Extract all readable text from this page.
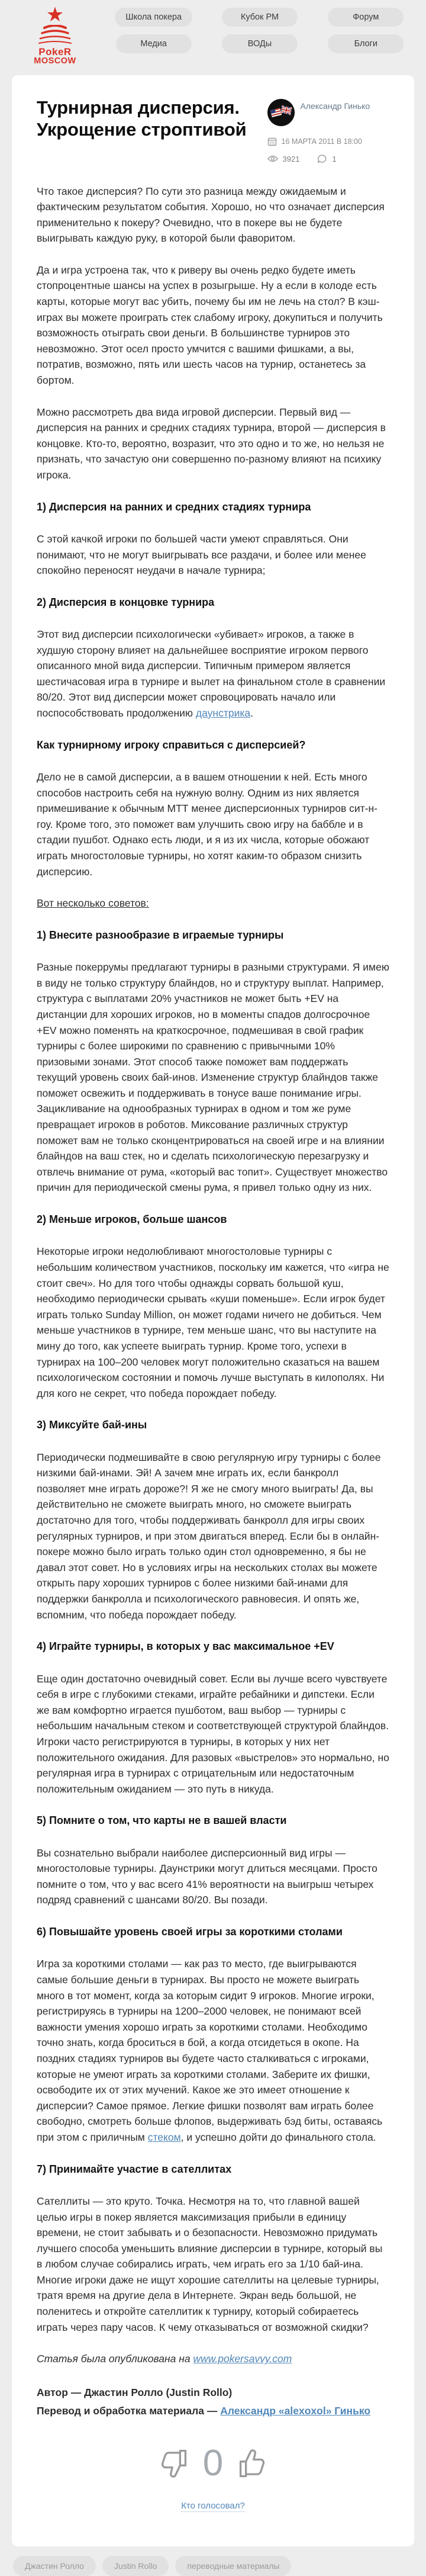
★
PokeR
MOSCOW
Школа покера	Кубок РМ	Форум
Медиа	ВОДы	Блоги
Турнирная дисперсия. Укрощение строптивой
Александр Гинько
16 МАРТА 2011 В 18:00
3921	1

Что такое дисперсия? По сути это разница между ожидаемым и фактическим результатом события. Хорошо, но что означает дисперсия применительно к покеру? Очевидно, что в покере вы не будете выигрывать каждую руку, в которой были фаворитом.

Да и игра устроена так, что к риверу вы очень редко будете иметь стопроцентные шансы на успех в розыгрыше. Ну а если в колоде есть карты, которые могут вас убить, почему бы им не лечь на стол? В кэш-играх вы можете проиграть стек слабому игроку, докупиться и получить возможность отыграть свои деньги. В большинстве турниров это невозможно. Этот осел просто умчится с вашими фишками, а вы, потратив, возможно, пять или шесть часов на турнир, останетесь за бортом.

Можно рассмотреть два вида игровой дисперсии. Первый вид — дисперсия на ранних и средних стадиях турнира, второй — дисперсия в концовке. Кто-то, вероятно, возразит, что это одно и то же, но нельзя не признать, что зачастую они совершенно по-разному влияют на психику игрока.

1) Дисперсия на ранних и средних стадиях турнира

С этой качкой игроки по большей части умеют справляться. Они понимают, что не могут выигрывать все раздачи, и более или менее спокойно переносят неудачи в начале турнира;

2) Дисперсия в концовке турнира

Этот вид дисперсии психологически «убивает» игроков, а также в худшую сторону влияет на дальнейшее восприятие игроком первого описанного мной вида дисперсии. Типичным примером является шестичасовая игра в турнире и вылет на финальном столе в сравнении 80/20. Этот вид дисперсии может спровоцировать начало или поспособствовать продолжению даунстрика.

Как турнирному игроку справиться с дисперсией?

Дело не в самой дисперсии, а в вашем отношении к ней. Есть много способов настроить себя на нужную волну. Одним из них является примешивание к обычным МТТ менее дисперсионных турниров сит-н-гоу. Кроме того, это поможет вам улучшить свою игру на баббле и в стадии пушбот. Однако есть люди, и я из их числа, которые обожают играть многостоловые турниры, но хотят каким-то образом снизить дисперсию.

Вот несколько советов:

1) Внесите разнообразие в играемые турниры

Разные покеррумы предлагают турниры в разными структурами. Я имею в виду не только структуру блайндов, но и структуру выплат. Например, структура с выплатами 20% участников не может быть +EV на дистанции для хороших игроков, но в моменты спадов долгосрочное +EV можно поменять на краткосрочное, подмешивая в свой график турниры с более широкими по сравнению с привычными 10% призовыми зонами. Этот способ также поможет вам поддержать текущий уровень своих бай-инов. Изменение структур блайндов также поможет освежить и поддерживать в тонусе ваше понимание игры. Зацикливание на однообразных турнирах в одном и том же руме превращает игроков в роботов. Миксование различных структур поможет вам не только сконцентрироваться на своей игре и на влиянии блайндов на ваш стек, но и сделать психологическую перезагрузку и отвлечь внимание от рума, «который вас топит». Существует множество причин для периодической смены рума, я привел только одну из них.

2) Меньше игроков, больше шансов

Некоторые игроки недолюбливают многостоловые турниры с небольшим количеством участников, поскольку им кажется, что «игра не стоит свеч». Но для того чтобы однажды сорвать большой куш, необходимо периодически срывать «куши поменьше». Если игрок будет играть только Sunday Million, он может годами ничего не добиться. Чем меньше участников в турнире, тем меньше шанс, что вы наступите на мину до того, как успеете выиграть турнир. Кроме того, успехи в турнирах на 100–200 человек могут положительно сказаться на вашем психологическом состоянии и помочь лучше выступать в килополях. Ни для кого не секрет, что победа порождает победу.

3) Миксуйте бай-ины

Периодически подмешивайте в свою регулярную игру турниры с более низкими бай-инами. Эй! А зачем мне играть их, если банкролл позволяет мне играть дороже?! Я же не смогу много выиграть! Да, вы действительно не сможете выиграть много, но сможете выиграть достаточно для того, чтобы поддерживать банкролл для игры своих регулярных турниров, и при этом двигаться вперед. Если бы в онлайн-покере можно было играть только один стол одновременно, я бы не давал этот совет. Но в условиях игры на нескольких столах вы можете открыть пару хороших турниров с более низкими бай-инами для поддержки банкролла и психологического равновесия. И опять же, вспомним, что победа порождает победу.

4) Играйте турниры, в которых у вас максимальное +EV

Еще один достаточно очевидный совет. Если вы лучше всего чувствуете себя в игре с глубокими стеками, играйте ребайники и дипстеки. Если же вам комфортно играется пушботом, ваш выбор — турниры с небольшим начальным стеком и соответствующей структурой блайндов. Игроки часто регистрируются в турниры, в которых у них нет положительного ожидания. Для разовых «выстрелов» это нормально, но регулярная игра в турнирах с отрицательным или недостаточным положительным ожиданием — это путь в никуда.

5) Помните о том, что карты не в вашей власти

Вы сознательно выбрали наиболее дисперсионный вид игры — многостоловые турниры. Даунстрики могут длиться месяцами. Просто помните о том, что у вас всего 41% вероятности на выигрыш четырех подряд сравнений с шансами 80/20. Вы позади.

6) Повышайте уровень своей игры за короткими столами

Игра за короткими столами — как раз то место, где выигрываются самые большие деньги в турнирах. Вы просто не можете выиграть много в тот момент, когда за которым сидит 9 игроков. Многие игроки, регистрируясь в турниры на 1200–2000 человек, не понимают всей важности умения хорошо играть за короткими столами. Необходимо точно знать, когда броситься в бой, а когда отсидеться в окопе. На поздних стадиях турниров вы будете часто сталкиваться с игроками, которые не умеют играть за короткими столами. Заберите их фишки, освободите их от этих мучений. Какое же это имеет отношение к дисперсии? Самое прямое. Легкие фишки позволят вам играть более свободно, смотреть больше флопов, выдерживать бэд биты, оставаясь при этом с приличным стеком, и успешно дойти до финального стола.

7) Принимайте участие в сателлитах

Сателлиты — это круто. Точка. Несмотря на то, что главной вашей целью игры в покер является максимизация прибыли в единицу времени, не стоит забывать и о безопасности. Невозможно придумать лучшего способа уменьшить влияние дисперсии в турнире, который вы в любом случае собирались играть, чем играть его за 1/10 бай-ина. Многие игроки даже не ищут хорошие сателлиты на целевые турниры, тратя время на другие дела в Интернете. Экран ведь большой, не поленитесь и откройте сателлитик к турниру, который собираетесь играть через пару часов. К чему отказываться от возможной скидки?

Статья была опубликована на www.pokersavvy.com

Автор — Джастин Ролло (Justin Rollo)

Перевод и обработка материала — Александр «alexoxol» Гинько

0
Кто голосовал?
Джастин Ролло	Justin Rollo	переводные материалы
